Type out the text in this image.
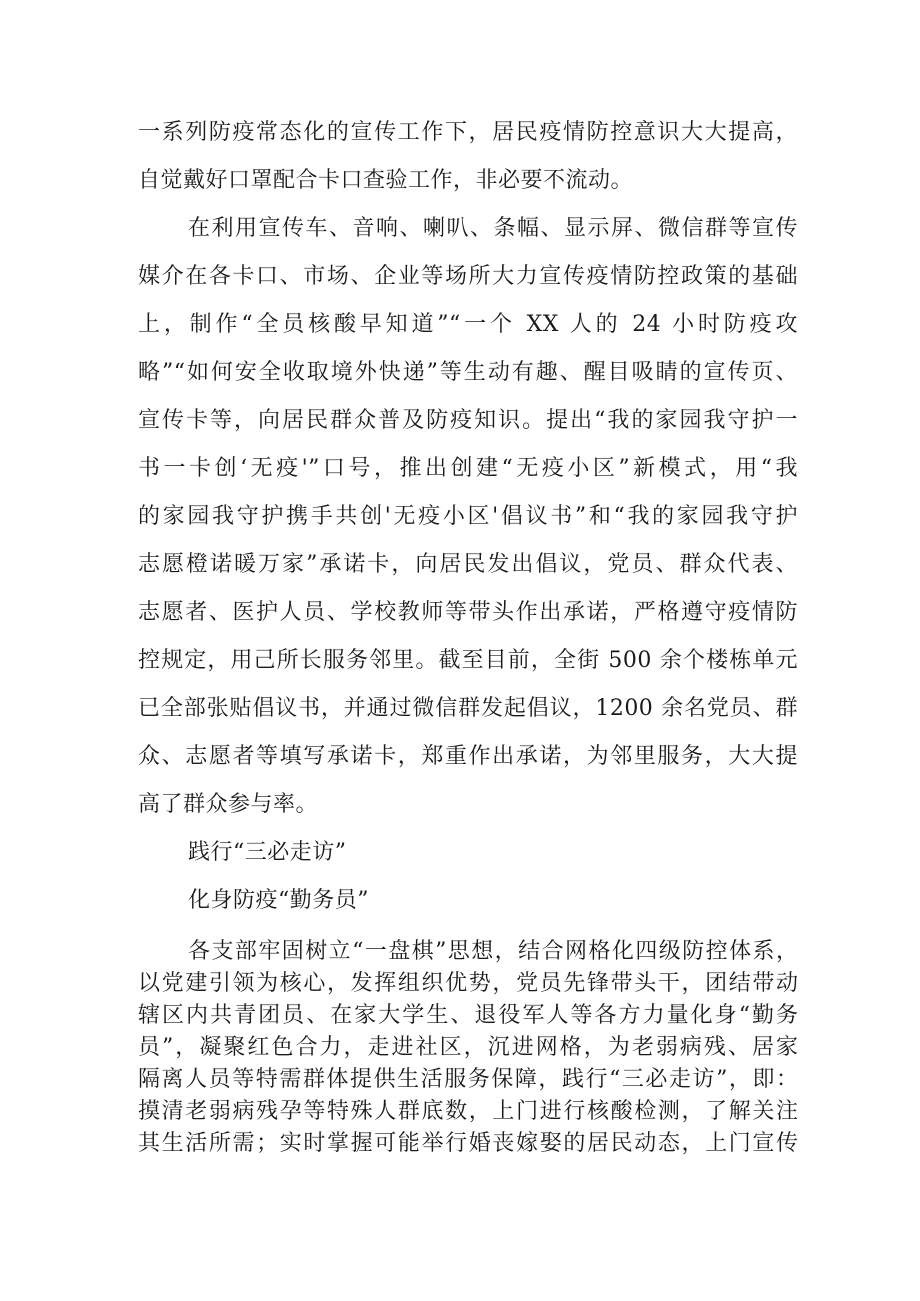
一系列防疫常态化的宣传工作下，居民疫情防控意识大大提高，
自觉戴好口罩配合卡口查验工作，非必要不流动。
在利用宣传车、音响、喇叭、条幅、显示屏、微信群等宣传
媒介在各卡口、市场、企业等场所大力宣传疫情防控政策的基础
上，制作“全员核酸早知道”“一个 XX 人的 24 小时防疫攻
略”“如何安全收取境外快递”等生动有趣、醒目吸睛的宣传页、
宣传卡等，向居民群众普及防疫知识。提出“我的家园我守护一
书一卡创‘无疫'”口号，推出创建“无疫小区”新模式，用“我
的家园我守护携手共创'无疫小区'倡议书”和“我的家园我守护
志愿橙诺暖万家”承诺卡，向居民发出倡议，党员、群众代表、
志愿者、医护人员、学校教师等带头作出承诺，严格遵守疫情防
控规定，用己所长服务邻里。截至目前，全街 500 余个楼栋单元
已全部张贴倡议书，并通过微信群发起倡议，1200 余名党员、群
众、志愿者等填写承诺卡，郑重作出承诺，为邻里服务，大大提
高了群众参与率。
践行“三必走访”
化身防疫“勤务员”
各支部牢固树立“一盘棋”思想，结合网格化四级防控体系，
以党建引领为核心，发挥组织优势，党员先锋带头干，团结带动
辖区内共青团员、在家大学生、退役军人等各方力量化身“勤务
员”，凝聚红色合力，走进社区，沉进网格，为老弱病残、居家
隔离人员等特需群体提供生活服务保障，践行“三必走访”，即：
摸清老弱病残孕等特殊人群底数，上门进行核酸检测，了解关注
其生活所需；实时掌握可能举行婚丧嫁娶的居民动态，上门宣传
